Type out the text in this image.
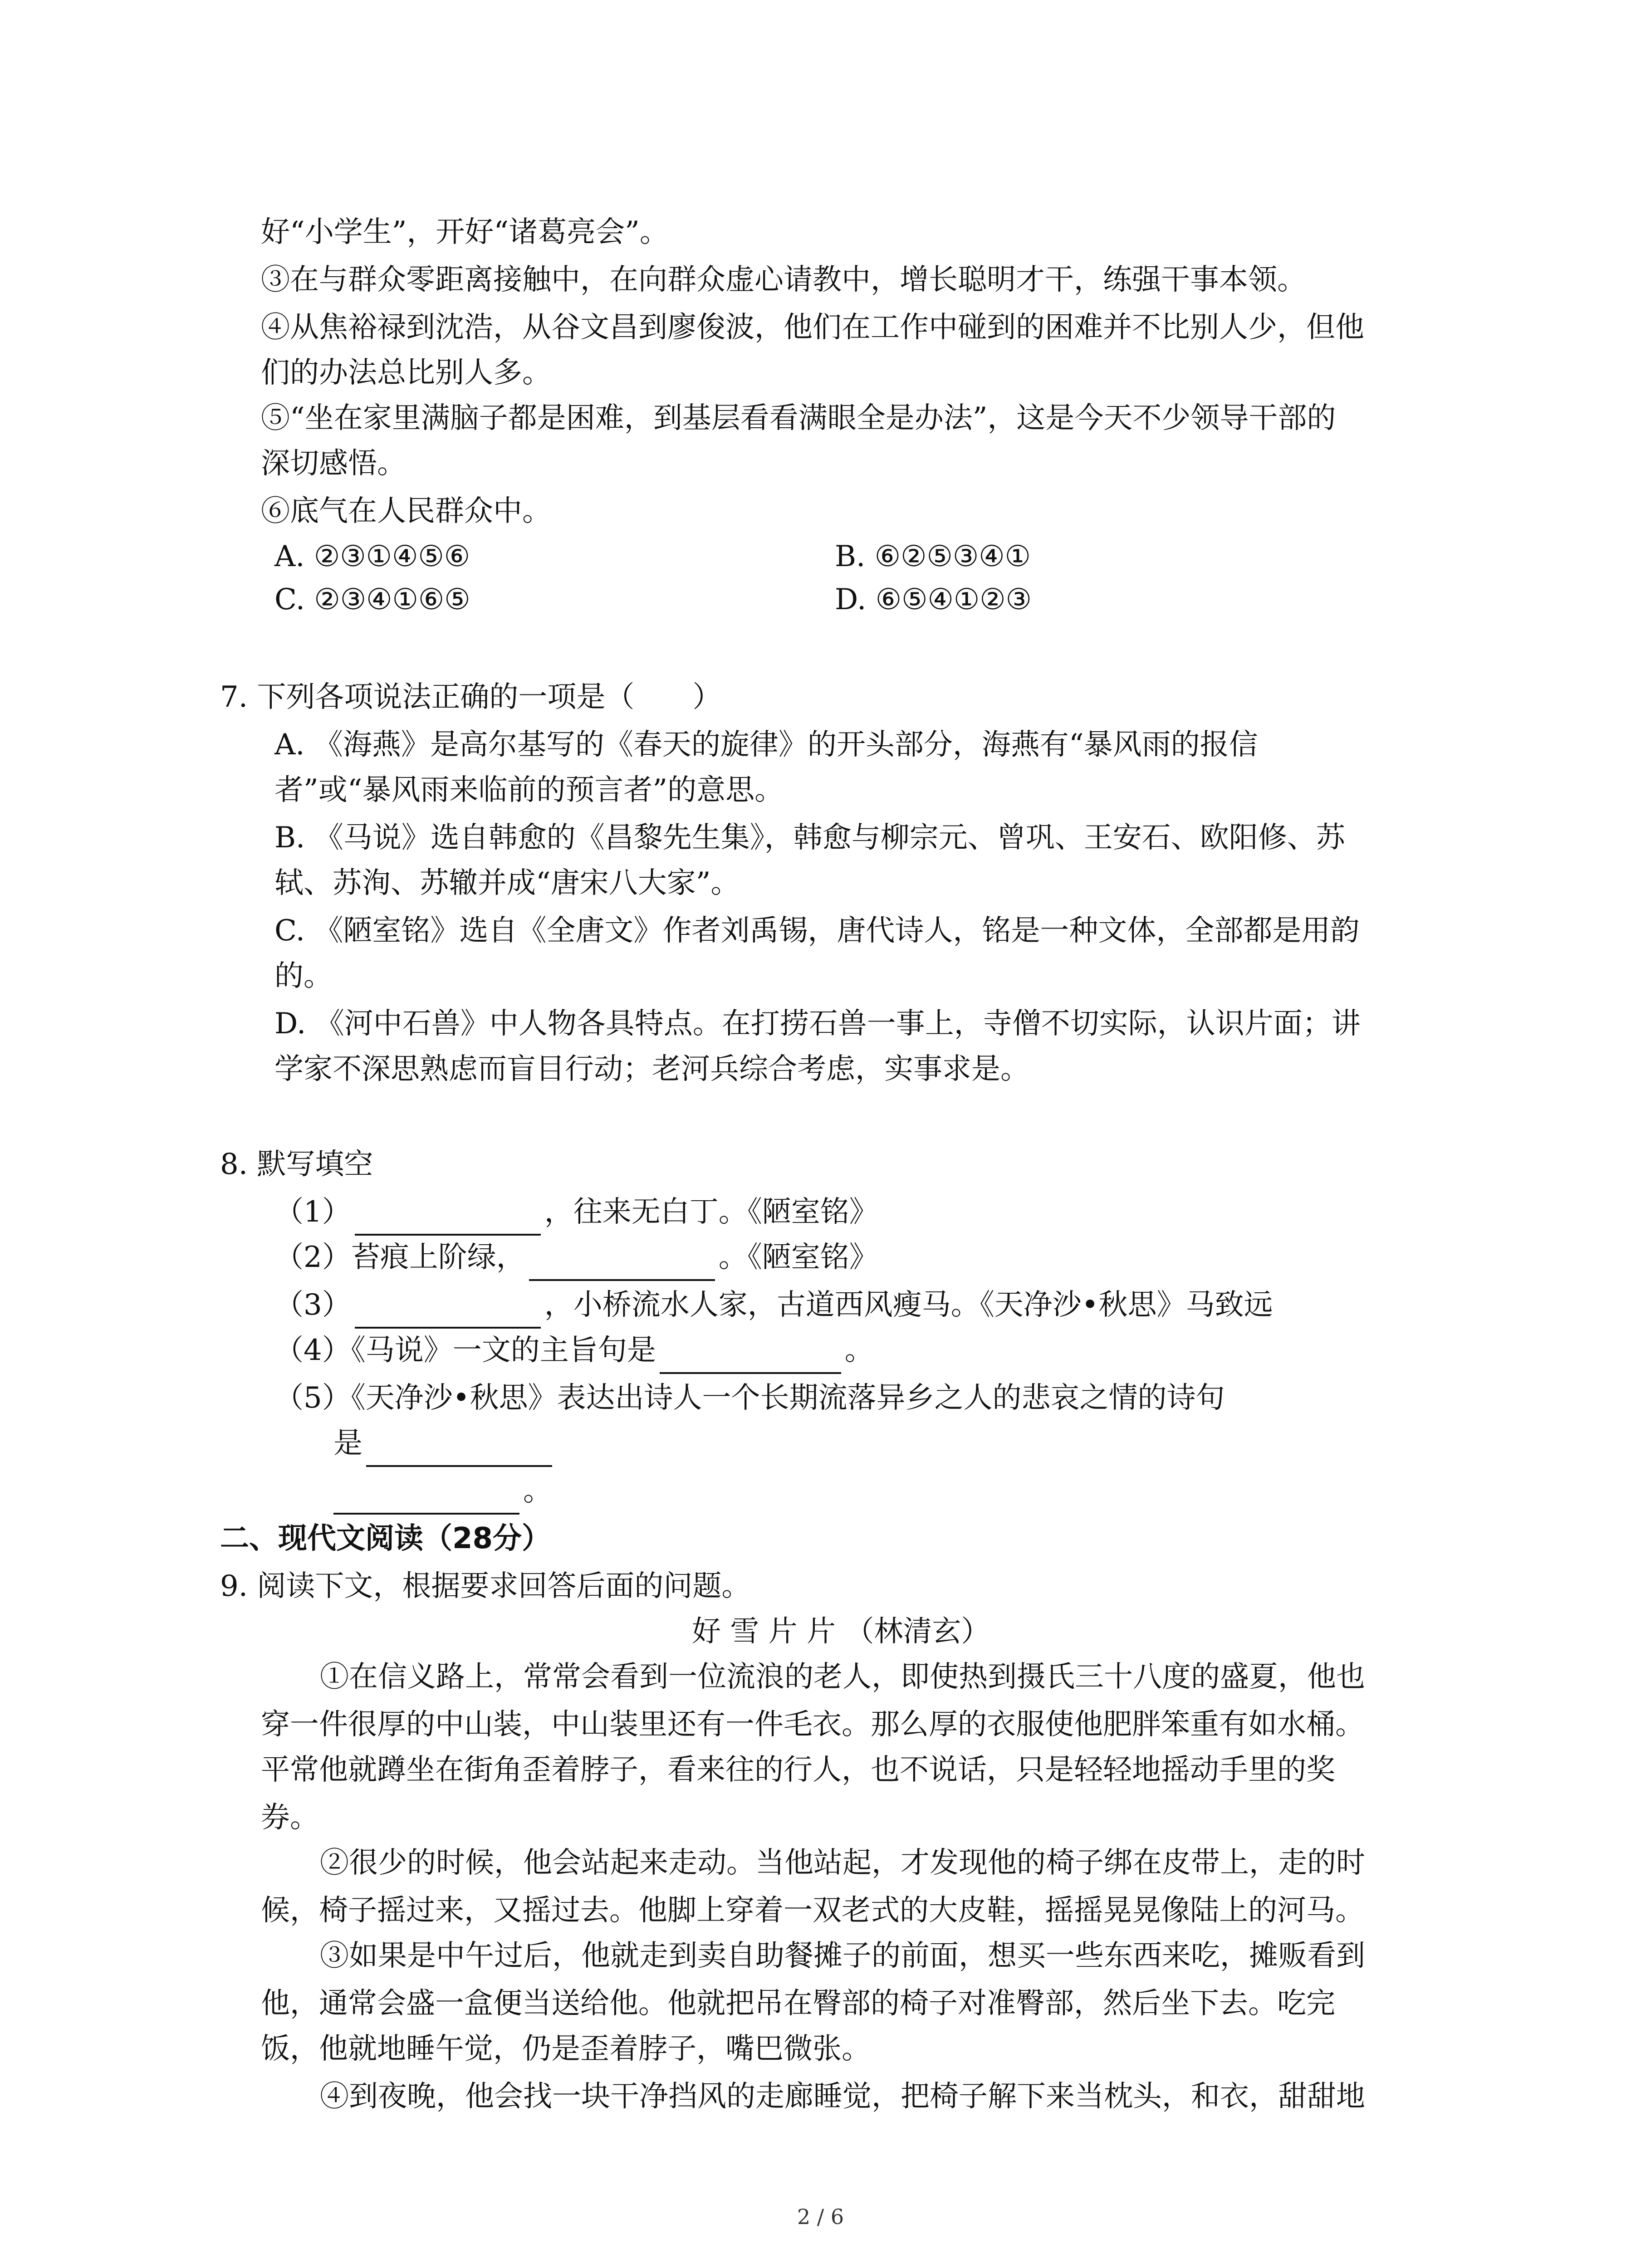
好“小学生”，开好“诸葛亮会”。
③在与群众零距离接触中，在向群众虚心请教中，增长聪明才干，练强干事本领。
④从焦裕禄到沈浩，从谷文昌到廖俊波，他们在工作中碰到的困难并不比别人少，但他
们的办法总比别人多。
⑤“坐在家里满脑子都是困难，到基层看看满眼全是办法”，这是今天不少领导干部的
深切感悟。
⑥底气在人民群众中。
A. ②③①④⑤⑥	B. ⑥②⑤③④①
C. ②③④①⑥⑤	D. ⑥⑤④①②③
7. 下列各项说法正确的一项是（　　）
A. 《海燕》是高尔基写的《春天的旋律》的开头部分，海燕有“暴风雨的报信
者”或“暴风雨来临前的预言者”的意思。
B. 《马说》选自韩愈的《昌黎先生集》，韩愈与柳宗元、曾巩、王安石、欧阳修、苏
轼、苏洵、苏辙并成“唐宋八大家”。
C. 《陋室铭》选自《全唐文》作者刘禹锡，唐代诗人，铭是一种文体，全部都是用韵
的。
D. 《河中石兽》中人物各具特点。在打捞石兽一事上，寺僧不切实际，认识片面；讲
学家不深思熟虑而盲目行动；老河兵综合考虑，实事求是。
8. 默写填空
（1）	，往来无白丁。《陋室铭》
（2）苔痕上阶绿，	。《陋室铭》
（3）	，小桥流水人家，古道西风瘦马。《天净沙•秋思》马致远
（4）《马说》一文的主旨句是	。
（5）《天净沙•秋思》表达出诗人一个长期流落异乡之人的悲哀之情的诗句
是
。
二、现代文阅读（28分）
9. 阅读下文，根据要求回答后面的问题。
好 雪 片 片 （林清玄）
①在信义路上，常常会看到一位流浪的老人，即使热到摄氏三十八度的盛夏，他也
穿一件很厚的中山装，中山装里还有一件毛衣。那么厚的衣服使他肥胖笨重有如水桶。
平常他就蹲坐在街角歪着脖子，看来往的行人，也不说话，只是轻轻地摇动手里的奖
券。
②很少的时候，他会站起来走动。当他站起，才发现他的椅子绑在皮带上，走的时
候，椅子摇过来，又摇过去。他脚上穿着一双老式的大皮鞋，摇摇晃晃像陆上的河马。
③如果是中午过后，他就走到卖自助餐摊子的前面，想买一些东西来吃，摊贩看到
他，通常会盛一盒便当送给他。他就把吊在臀部的椅子对准臀部，然后坐下去。吃完
饭，他就地睡午觉，仍是歪着脖子，嘴巴微张。
④到夜晚，他会找一块干净挡风的走廊睡觉，把椅子解下来当枕头，和衣，甜甜地
2 / 6
